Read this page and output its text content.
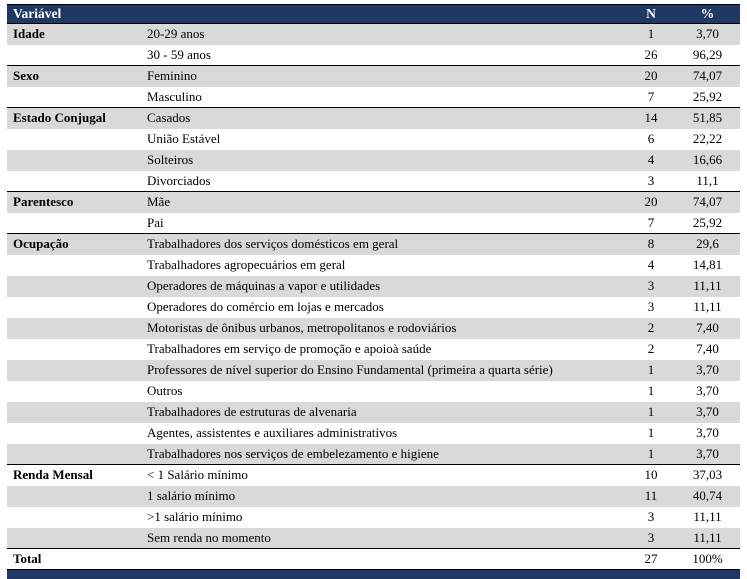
Variável		N	%
Idade	20-29 anos	1	3,70
	30 - 59 anos	26	96,29
Sexo	Feminino	20	74,07
	Masculino	7	25,92
Estado Conjugal	Casados	14	51,85
	União Estável	6	22,22
	Solteiros	4	16,66
	Divorciados	3	11,1
Parentesco	Mãe	20	74,07
	Pai	7	25,92
Ocupação	Trabalhadores dos serviços domésticos em geral	8	29,6
	Trabalhadores agropecuários em geral	4	14,81
	Operadores de máquinas a vapor e utilidades	3	11,11
	Operadores do comércio em lojas e mercados	3	11,11
	Motoristas de ônibus urbanos, metropolitanos e rodoviários	2	7,40
	Trabalhadores em serviço de promoção e apoioà saúde	2	7,40
	Professores de nível superior do Ensino Fundamental (primeira a quarta série)	1	3,70
	Outros	1	3,70
	Trabalhadores de estruturas de alvenaria	1	3,70
	Agentes, assistentes e auxiliares administrativos	1	3,70
	Trabalhadores nos serviços de embelezamento e higiene	1	3,70
Renda Mensal	< 1 Salário mínimo	10	37,03
	1 salário mínimo	11	40,74
	>1 salário mínimo	3	11,11
	Sem renda no momento	3	11,11
Total		27	100%
